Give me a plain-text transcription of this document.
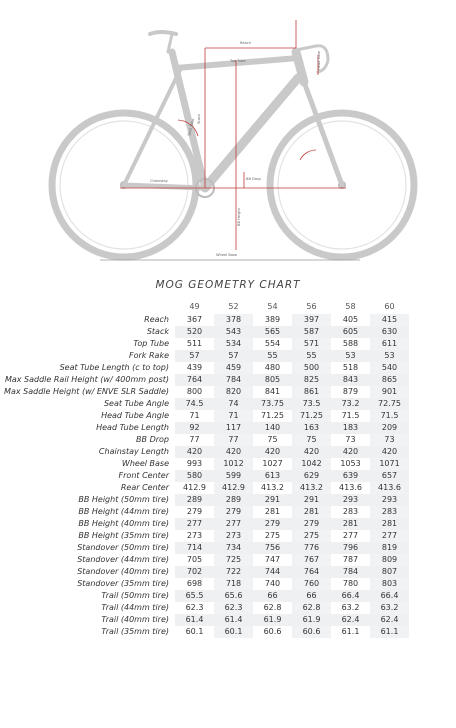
Reach
Stack
Seat Tube
Head Tube
BB Drop
BB Height
Chainstay
Top Tube
Wheel Base
MOG GEOMETRY CHART
	49	52	54	56	58	60
Reach	367	378	389	397	405	415
Stack	520	543	565	587	605	630
Top Tube	511	534	554	571	588	611
Fork Rake	57	57	55	55	53	53
Seat Tube Length (c to top)	439	459	480	500	518	540
Max Saddle Rail Height (w/ 400mm post)	764	784	805	825	843	865
Max Saddle Height (w/ ENVE SLR Saddle)	800	820	841	861	879	901
Seat Tube Angle	74.5	74	73.75	73.5	73.2	72.75
Head Tube Angle	71	71	71.25	71.25	71.5	71.5
Head Tube Length	92	117	140	163	183	209
BB Drop	77	77	75	75	73	73
Chainstay Length	420	420	420	420	420	420
Wheel Base	993	1012	1027	1042	1053	1071
Front Center	580	599	613	629	639	657
Rear Center	412.9	412.9	413.2	413.2	413.6	413.6
BB Height (50mm tire)	289	289	291	291	293	293
BB Height (44mm tire)	279	279	281	281	283	283
BB Height (40mm tire)	277	277	279	279	281	281
BB Height (35mm tire)	273	273	275	275	277	277
Standover (50mm tire)	714	734	756	776	796	819
Standover (44mm tire)	705	725	747	767	787	809
Standover (40mm tire)	702	722	744	764	784	807
Standover (35mm tire)	698	718	740	760	780	803
Trail (50mm tire)	65.5	65.6	66	66	66.4	66.4
Trail (44mm tire)	62.3	62.3	62.8	62.8	63.2	63.2
Trail (40mm tire)	61.4	61.4	61.9	61.9	62.4	62.4
Trail (35mm tire)	60.1	60.1	60.6	60.6	61.1	61.1
